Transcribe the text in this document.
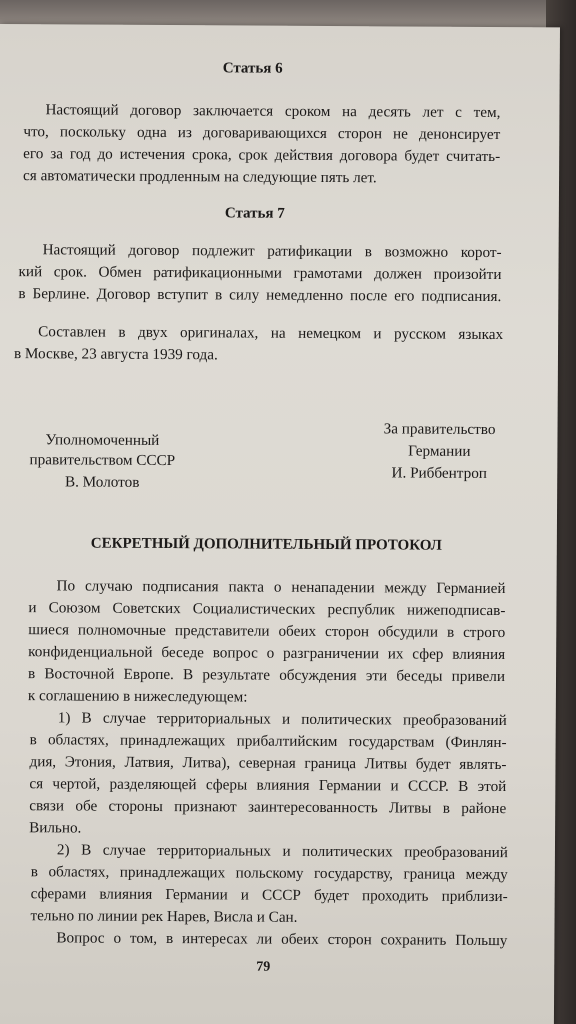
Статья 6

Настоящий договор заключается сроком на десять лет с тем,

что, поскольку одна из договаривающихся сторон не денонсирует

его за год до истечения срока, срок действия договора будет считать-

ся автоматически продленным на следующие пять лет.

Статья 7

Настоящий договор подлежит ратификации в возможно корот-

кий срок. Обмен ратификационными грамотами должен произойти

в Берлине. Договор вступит в силу немедленно после его подписания.

Составлен в двух оригиналах, на немецком и русском языках

в Москве, 23 августа 1939 года.

Уполномоченный

правительством СССР

В. Молотов

За правительство

Германии

И. Риббентроп

СЕКРЕТНЫЙ ДОПОЛНИТЕЛЬНЫЙ ПРОТОКОЛ

По случаю подписания пакта о ненападении между Германией

и Союзом Советских Социалистических республик нижеподписав-

шиеся полномочные представители обеих сторон обсудили в строго

конфиденциальной беседе вопрос о разграничении их сфер влияния

в Восточной Европе. В результате обсуждения эти беседы привели

к соглашению в нижеследующем:

1) В случае территориальных и политических преобразований

в областях, принадлежащих прибалтийским государствам (Финлян-

дия, Этония, Латвия, Литва), северная граница Литвы будет являть-

ся чертой, разделяющей сферы влияния Германии и СССР. В этой

связи обе стороны признают заинтересованность Литвы в районе

Вильно.

2) В случае территориальных и политических преобразований

в областях, принадлежащих польскому государству, граница между

сферами влияния Германии и СССР будет проходить приблизи-

тельно по линии рек Нарев, Висла и Сан.

Вопрос о том, в интересах ли обеих сторон сохранить Польшу

79
